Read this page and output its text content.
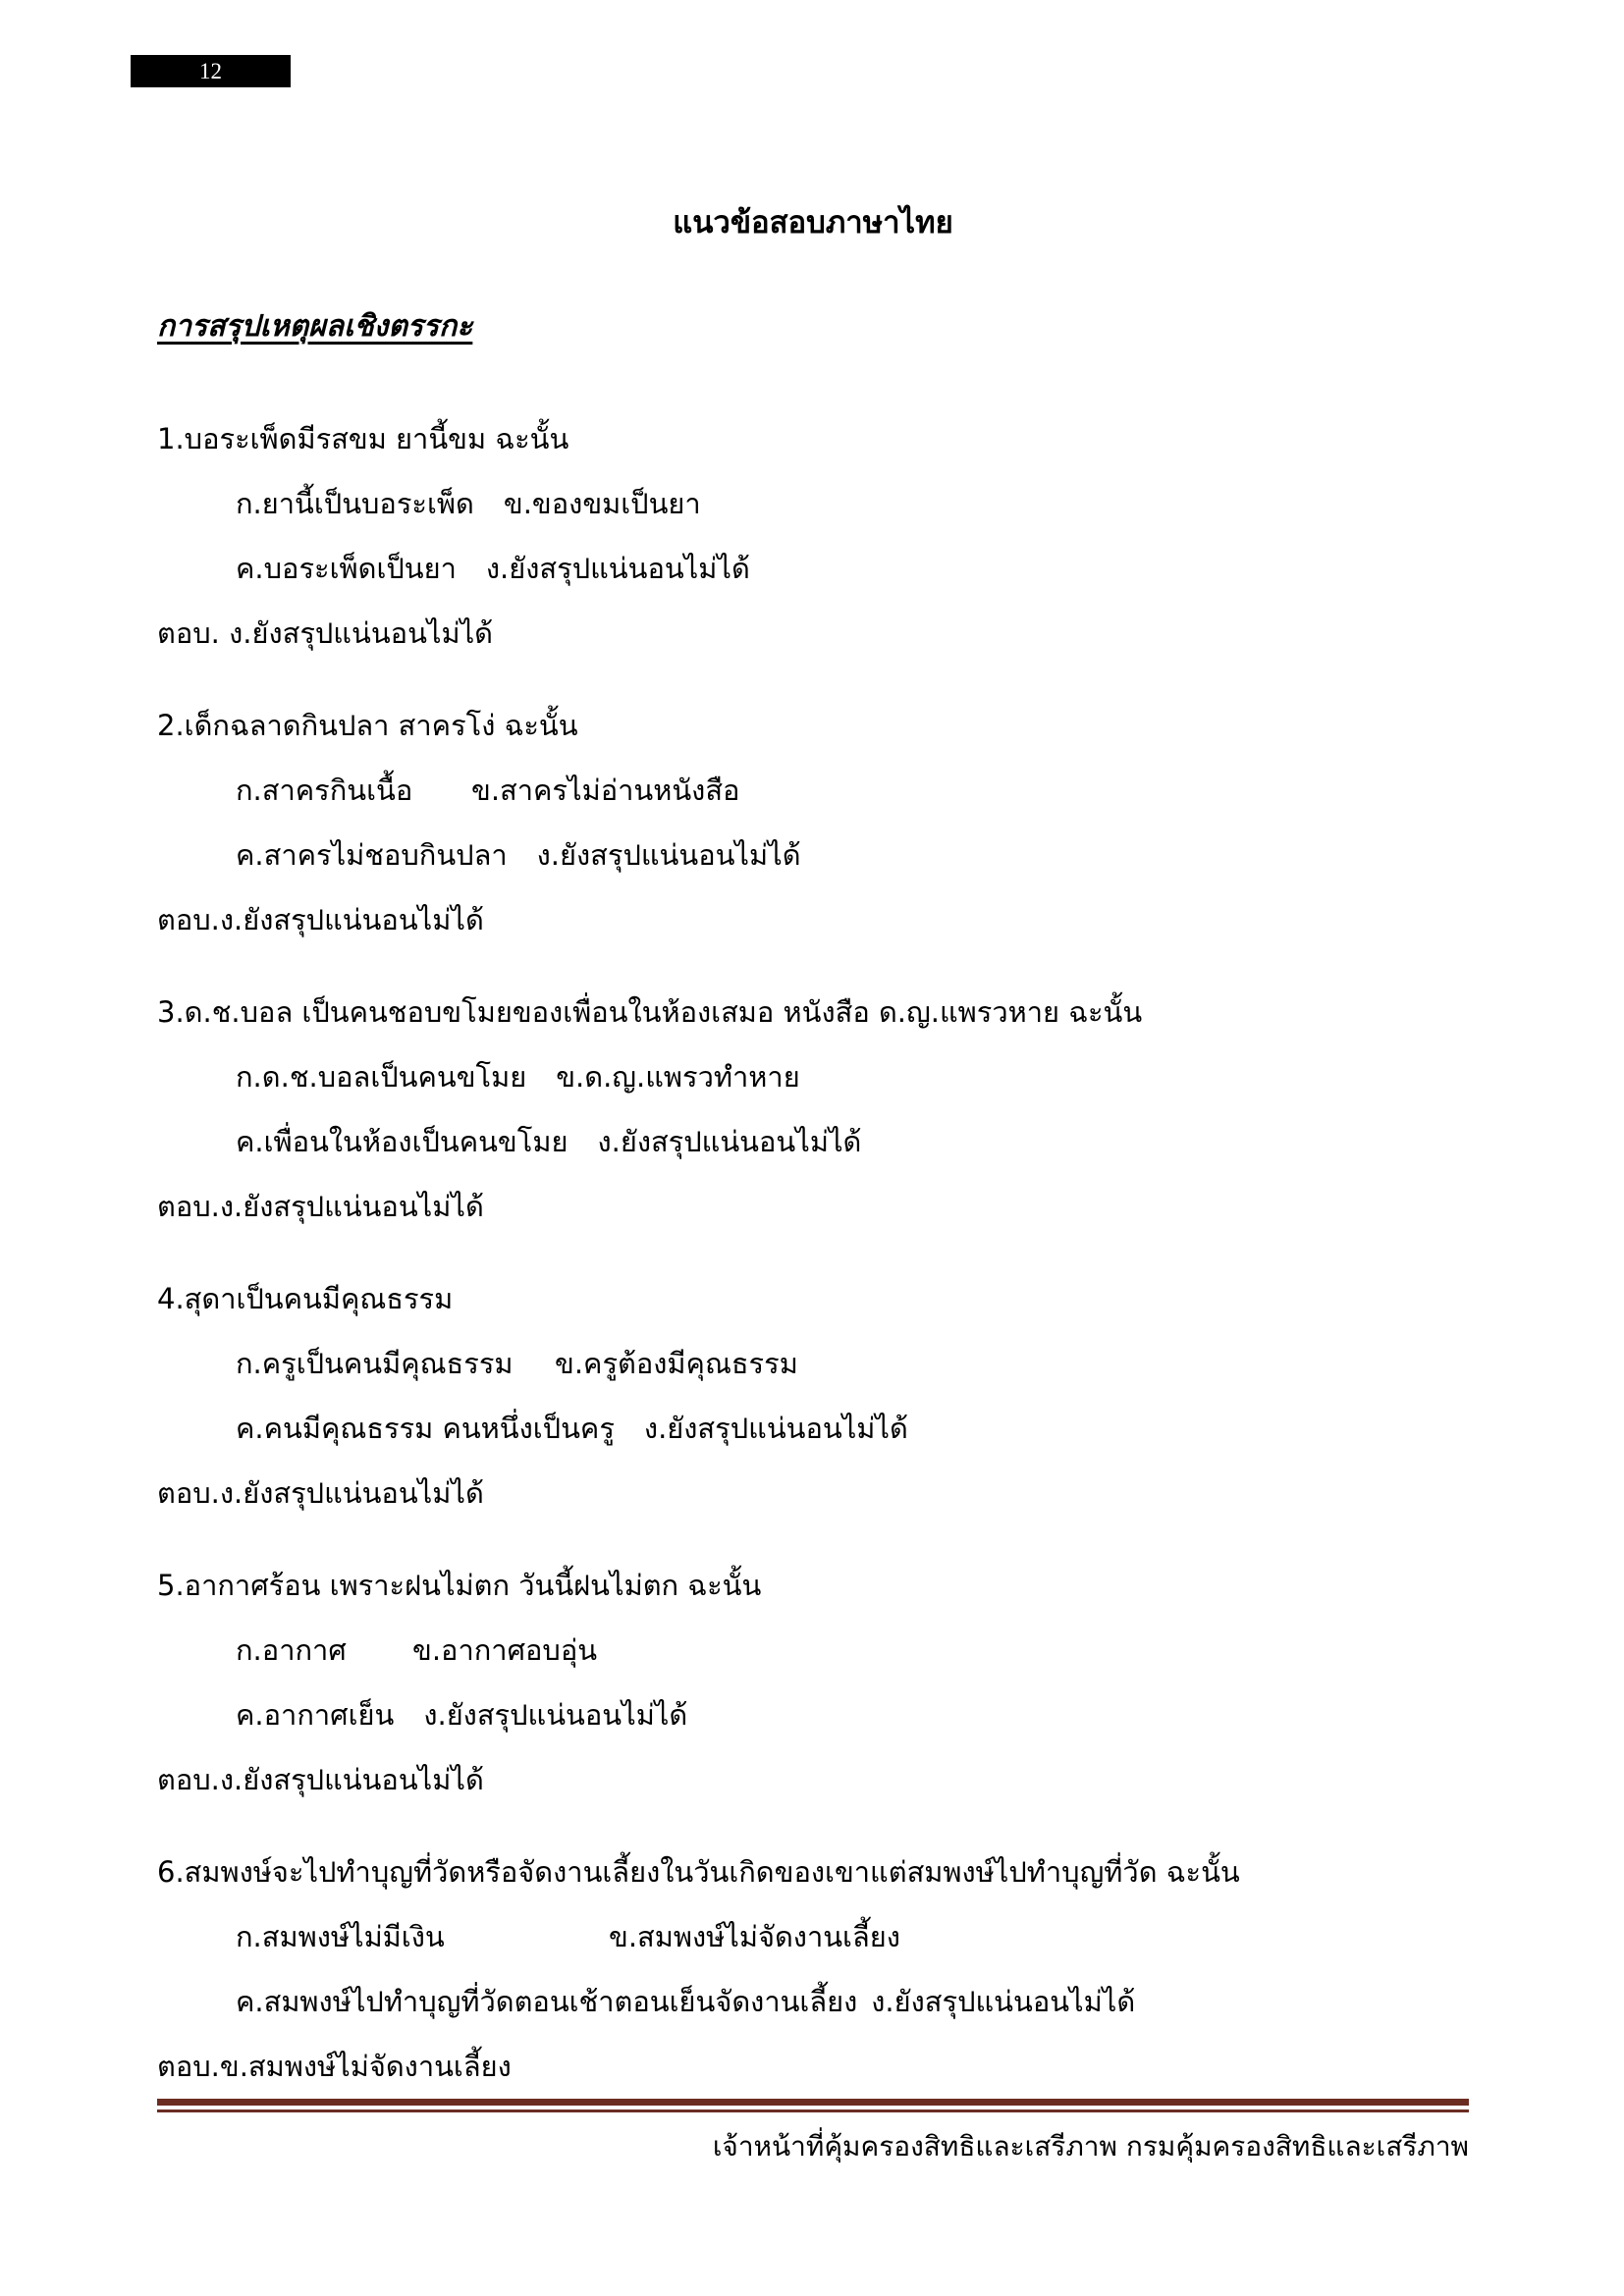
12
แนวข้อสอบภาษาไทย
การสรุปเหตุผลเชิงตรรกะ
1.บอระเพ็ดมีรสขม ยานี้ขม ฉะนั้น
ก.ยานี้เป็นบอระเพ็ด	ข.ของขมเป็นยา
ค.บอระเพ็ดเป็นยา	ง.ยังสรุปแน่นอนไม่ได้
ตอบ. ง.ยังสรุปแน่นอนไม่ได้
2.เด็กฉลาดกินปลา สาครโง่ ฉะนั้น
ก.สาครกินเนื้อ	ข.สาครไม่อ่านหนังสือ
ค.สาครไม่ชอบกินปลา	ง.ยังสรุปแน่นอนไม่ได้
ตอบ.ง.ยังสรุปแน่นอนไม่ได้
3.ด.ช.บอล เป็นคนชอบขโมยของเพื่อนในห้องเสมอ หนังสือ ด.ญ.แพรวหาย ฉะนั้น
ก.ด.ช.บอลเป็นคนขโมย	ข.ด.ญ.แพรวทำหาย
ค.เพื่อนในห้องเป็นคนขโมย	ง.ยังสรุปแน่นอนไม่ได้
ตอบ.ง.ยังสรุปแน่นอนไม่ได้
4.สุดาเป็นคนมีคุณธรรม
ก.ครูเป็นคนมีคุณธรรม	ข.ครูต้องมีคุณธรรม
ค.คนมีคุณธรรม คนหนึ่งเป็นครู	ง.ยังสรุปแน่นอนไม่ได้
ตอบ.ง.ยังสรุปแน่นอนไม่ได้
5.อากาศร้อน เพราะฝนไม่ตก วันนี้ฝนไม่ตก ฉะนั้น
ก.อากาศ	ข.อากาศอบอุ่น
ค.อากาศเย็น	ง.ยังสรุปแน่นอนไม่ได้
ตอบ.ง.ยังสรุปแน่นอนไม่ได้
6.สมพงษ์จะไปทำบุญที่วัดหรือจัดงานเลี้ยงในวันเกิดของเขาแต่สมพงษ์ไปทำบุญที่วัด ฉะนั้น
ก.สมพงษ์ไม่มีเงิน	ข.สมพงษ์ไม่จัดงานเลี้ยง
ค.สมพงษ์ไปทำบุญที่วัดตอนเช้าตอนเย็นจัดงานเลี้ยง ง.ยังสรุปแน่นอนไม่ได้
ตอบ.ข.สมพงษ์ไม่จัดงานเลี้ยง
เจ้าหน้าที่คุ้มครองสิทธิและเสรีภาพ กรมคุ้มครองสิทธิและเสรีภาพ
